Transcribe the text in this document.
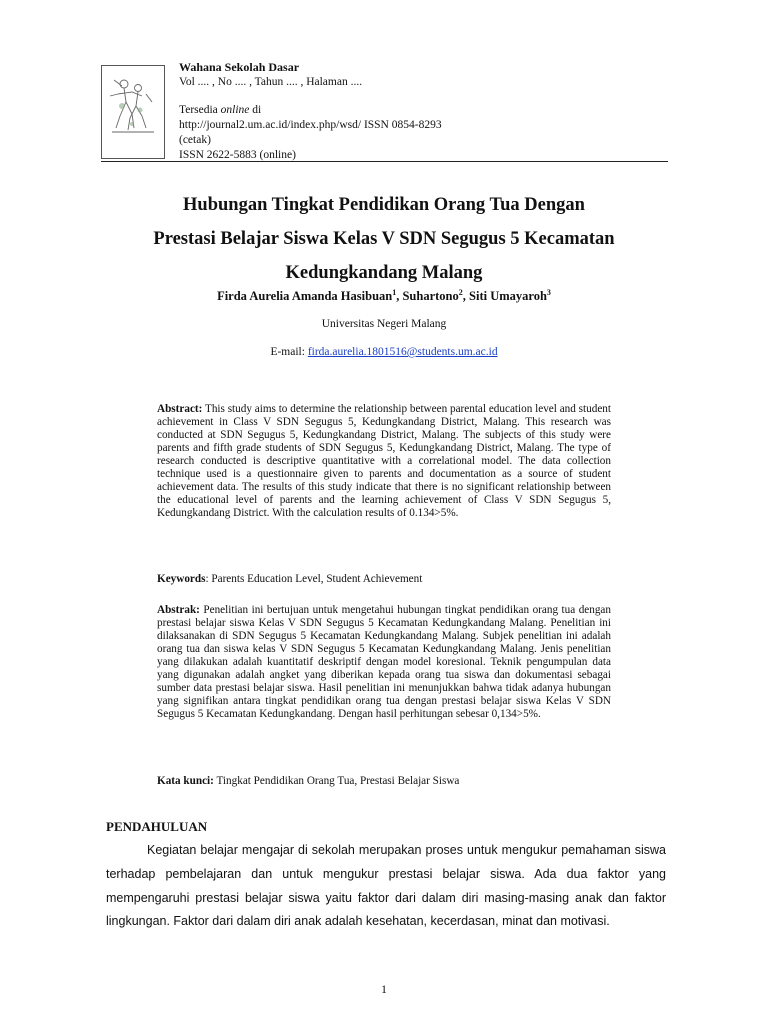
Wahana Sekolah Dasar
Vol .... , No .... , Tahun .... , Halaman ....
Tersedia online di
http://journal2.um.ac.id/index.php/wsd/ ISSN 0854-8293
(cetak)
ISSN 2622-5883 (online)
Hubungan Tingkat Pendidikan Orang Tua Dengan
Prestasi Belajar Siswa Kelas V SDN Segugus 5 Kecamatan
Kedungkandang Malang
Firda Aurelia Amanda Hasibuan$^1$, Suhartono$^2$, Siti Umayaroh$^3$
Universitas Negeri Malang
E-mail: firda.aurelia.1801516@students.um.ac.id
Abstract: This study aims to determine the relationship between parental education level and student achievement in Class V SDN Segugus 5, Kedungkandang District, Malang. This research was conducted at SDN Segugus 5, Kedungkandang District, Malang. The subjects of this study were parents and fifth grade students of SDN Segugus 5, Kedungkandang District, Malang. The type of research conducted is descriptive quantitative with a correlational model. The data collection technique used is a questionnaire given to parents and documentation as a source of student achievement data. The results of this study indicate that there is no significant relationship between the educational level of parents and the learning achievement of Class V SDN Segugus 5, Kedungkandang District. With the calculation results of 0.134>5%.
Keywords: Parents Education Level, Student Achievement
Abstrak: Penelitian ini bertujuan untuk mengetahui hubungan tingkat pendidikan orang tua dengan prestasi belajar siswa Kelas V SDN Segugus 5 Kecamatan Kedungkandang Malang. Penelitian ini dilaksanakan di SDN Segugus 5 Kecamatan Kedungkandang Malang. Subjek penelitian ini adalah orang tua dan siswa kelas V SDN Segugus 5 Kecamatan Kedungkandang Malang. Jenis penelitian yang dilakukan adalah kuantitatif deskriptif dengan model koresional. Teknik pengumpulan data yang digunakan adalah angket yang diberikan kepada orang tua siswa dan dokumentasi sebagai sumber data prestasi belajar siswa. Hasil penelitian ini menunjukkan bahwa tidak adanya hubungan yang signifikan antara tingkat pendidikan orang tua dengan prestasi belajar siswa Kelas V SDN Segugus 5 Kecamatan Kedungkandang. Dengan hasil perhitungan sebesar 0,134>5%.
Kata kunci: Tingkat Pendidikan Orang Tua, Prestasi Belajar Siswa
PENDAHULUAN
Kegiatan belajar mengajar di sekolah merupakan proses untuk mengukur pemahaman siswa terhadap pembelajaran dan untuk mengukur prestasi belajar siswa. Ada dua faktor yang mempengaruhi prestasi belajar siswa yaitu faktor dari dalam diri masing-masing anak dan faktor lingkungan. Faktor dari dalam diri anak adalah kesehatan, kecerdasan, minat dan motivasi.
1
